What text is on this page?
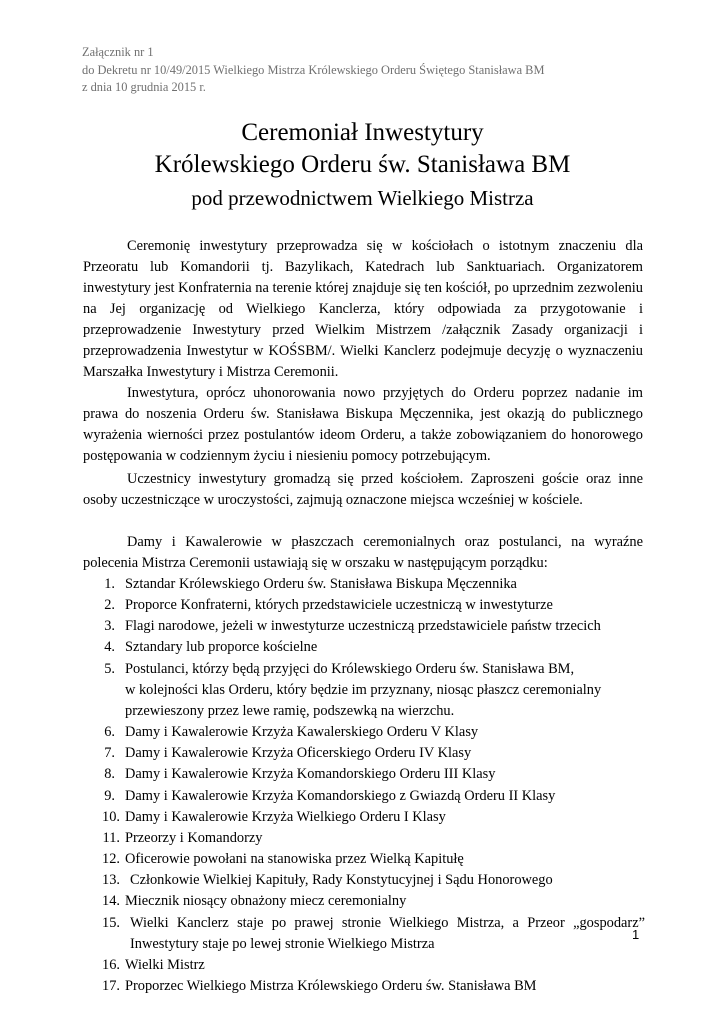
Załącznik nr 1
do Dekretu nr 10/49/2015 Wielkiego Mistrza Królewskiego Orderu Świętego Stanisława BM
z dnia 10 grudnia 2015 r.
Ceremoniał Inwestytury
Królewskiego Orderu św. Stanisława BM
pod przewodnictwem Wielkiego Mistrza

Ceremonię inwestytury przeprowadza się w kościołach o istotnym znaczeniu dla Przeoratu lub Komandorii tj. Bazylikach, Katedrach lub Sanktuariach. Organizatorem inwestytury jest Konfraternia na terenie której znajduje się ten kościół, po uprzednim zezwoleniu na Jej organizację od Wielkiego Kanclerza, który odpowiada za przygotowanie i przeprowadzenie Inwestytury przed Wielkim Mistrzem /załącznik Zasady organizacji i przeprowadzenia Inwestytur w KOŚSBM/. Wielki Kanclerz podejmuje decyzję o wyznaczeniu Marszałka Inwestytury i Mistrza Ceremonii.

Inwestytura, oprócz uhonorowania nowo przyjętych do Orderu poprzez nadanie im prawa do noszenia Orderu św. Stanisława Biskupa Męczennika, jest okazją do publicznego wyrażenia wierności przez postulantów ideom Orderu, a także zobowiązaniem do honorowego postępowania w codziennym życiu i niesieniu pomocy potrzebującym.

Uczestnicy inwestytury gromadzą się przed kościołem. Zaproszeni goście oraz inne osoby uczestniczące w uroczystości, zajmują oznaczone miejsca wcześniej w kościele.

Damy i Kawalerowie w płaszczach ceremonialnych oraz postulanci, na wyraźne polecenia Mistrza Ceremonii ustawiają się w orszaku w następującym porządku:

1. Sztandar Królewskiego Orderu św. Stanisława Biskupa Męczennika
2. Proporce Konfraterni, których przedstawiciele uczestniczą w inwestyturze
3. Flagi narodowe, jeżeli w inwestyturze uczestniczą przedstawiciele państw trzecich
4. Sztandary lub proporce kościelne
5. Postulanci, którzy będą przyjęci do Królewskiego Orderu św. Stanisława BM,
w kolejności klas Orderu, który będzie im przyznany, niosąc płaszcz ceremonialny
przewieszony przez lewe ramię, podszewką na wierzchu.
6. Damy i Kawalerowie Krzyża Kawalerskiego Orderu V Klasy
7. Damy i Kawalerowie Krzyża Oficerskiego Orderu IV Klasy
8. Damy i Kawalerowie Krzyża Komandorskiego Orderu III Klasy
9. Damy i Kawalerowie Krzyża Komandorskiego z Gwiazdą Orderu II Klasy
10. Damy i Kawalerowie Krzyża Wielkiego Orderu I Klasy
11. Przeorzy i Komandorzy
12. Oficerowie powołani na stanowiska przez Wielką Kapitułę
13. Członkowie Wielkiej Kapituły, Rady Konstytucyjnej i Sądu Honorowego
14. Miecznik niosący obnażony miecz ceremonialny
15. Wielki Kanclerz staje po prawej stronie Wielkiego Mistrza, a Przeor „gospodarz”
Inwestytury staje po lewej stronie Wielkiego Mistrza
16. Wielki Mistrz
17. Proporzec Wielkiego Mistrza Królewskiego Orderu św. Stanisława BM
1
